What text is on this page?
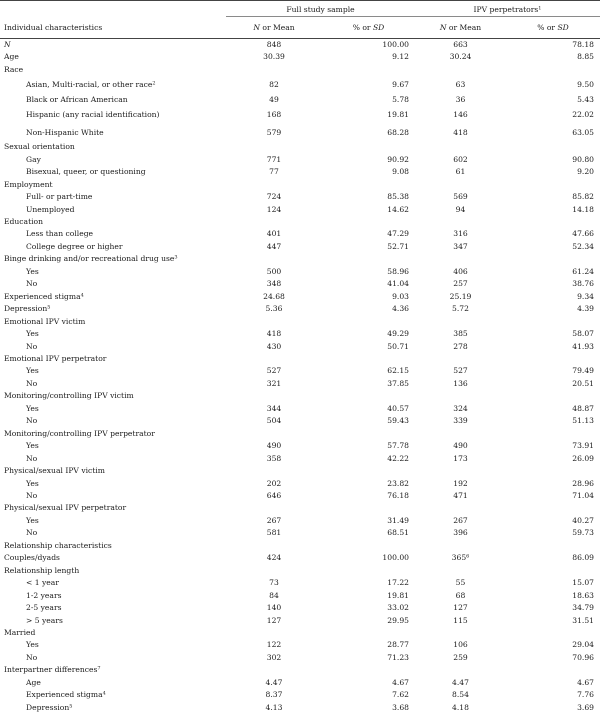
	Full study sample		IPV perpetrators$^1$
Individual characteristics	N or Mean	% or SD	N or Mean	% or SD
N	848	100.00	663	78.18
Age	30.39	9.12	30.24	8.85
Race				
Asian, Multi-racial, or other race$^2$	82	9.67	63	9.50
Black or African American	49	5.78	36	5.43
Hispanic (any racial identification)	168	19.81	146	22.02
Non-Hispanic White	579	68.28	418	63.05
Sexual orientation				
Gay	771	90.92	602	90.80
Bisexual, queer, or questioning	77	9.08	61	9.20
Employment				
Full- or part-time	724	85.38	569	85.82
Unemployed	124	14.62	94	14.18
Education				
Less than college	401	47.29	316	47.66
College degree or higher	447	52.71	347	52.34
Binge drinking and/or recreational drug use$^3$				
Yes	500	58.96	406	61.24
No	348	41.04	257	38.76
Experienced stigma$^4$	24.68	9.03	25.19	9.34
Depression$^5$	5.36	4.36	5.72	4.39
Emotional IPV victim				
Yes	418	49.29	385	58.07
No	430	50.71	278	41.93
Emotional IPV perpetrator				
Yes	527	62.15	527	79.49
No	321	37.85	136	20.51
Monitoring/controlling IPV victim				
Yes	344	40.57	324	48.87
No	504	59.43	339	51.13
Monitoring/controlling IPV perpetrator				
Yes	490	57.78	490	73.91
No	358	42.22	173	26.09
Physical/sexual IPV victim				
Yes	202	23.82	192	28.96
No	646	76.18	471	71.04
Physical/sexual IPV perpetrator				
Yes	267	31.49	267	40.27
No	581	68.51	396	59.73
Relationship characteristics				
Couples/dyads	424	100.00	$365^6$	86.09
Relationship length				
< 1 year	73	17.22	55	15.07
1-2 years	84	19.81	68	18.63
2-5 years	140	33.02	127	34.79
> 5 years	127	29.95	115	31.51
Married				
Yes	122	28.77	106	29.04
No	302	71.23	259	70.96
Interpartner differences$^7$				
Age	4.47	4.67	4.47	4.67
Experienced stigma$^4$	8.37	7.62	8.54	7.76
Depression$^5$	4.13	3.68	4.18	3.69
